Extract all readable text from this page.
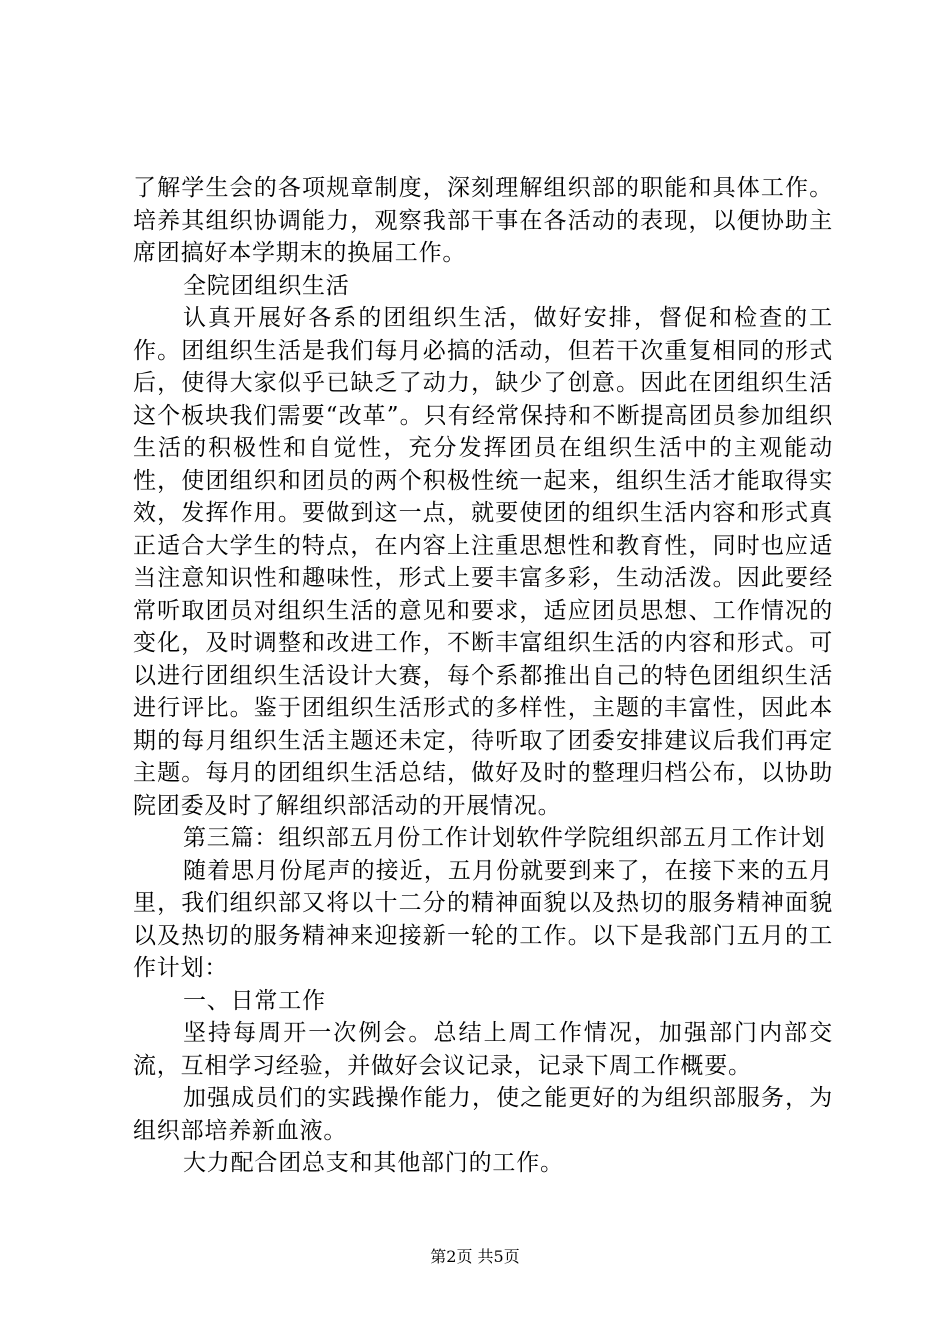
了解学生会的各项规章制度，深刻理解组织部的职能和具体工作。培养其组织协调能力，观察我部干事在各活动的表现，以便协助主席团搞好本学期末的换届工作。

全院团组织生活

认真开展好各系的团组织生活，做好安排，督促和检查的工作。团组织生活是我们每月必搞的活动，但若干次重复相同的形式后，使得大家似乎已缺乏了动力，缺少了创意。因此在团组织生活这个板块我们需要“改革”。只有经常保持和不断提高团员参加组织生活的积极性和自觉性，充分发挥团员在组织生活中的主观能动性，使团组织和团员的两个积极性统一起来，组织生活才能取得实效，发挥作用。要做到这一点，就要使团的组织生活内容和形式真正适合大学生的特点，在内容上注重思想性和教育性，同时也应适当注意知识性和趣味性，形式上要丰富多彩，生动活泼。因此要经常听取团员对组织生活的意见和要求，适应团员思想、工作情况的变化，及时调整和改进工作，不断丰富组织生活的内容和形式。可以进行团组织生活设计大赛，每个系都推出自己的特色团组织生活进行评比。鉴于团组织生活形式的多样性，主题的丰富性，因此本期的每月组织生活主题还未定，待听取了团委安排建议后我们再定主题。每月的团组织生活总结，做好及时的整理归档公布，以协助院团委及时了解组织部活动的开展情况。

第三篇：组织部五月份工作计划软件学院组织部五月工作计划

随着思月份尾声的接近，五月份就要到来了，在接下来的五月里，我们组织部又将以十二分的精神面貌以及热切的服务精神面貌以及热切的服务精神来迎接新一轮的工作。以下是我部门五月的工作计划：

一、日常工作

坚持每周开一次例会。总结上周工作情况，加强部门内部交流，互相学习经验，并做好会议记录，记录下周工作概要。

加强成员们的实践操作能力，使之能更好的为组织部服务，为组织部培养新血液。

大力配合团总支和其他部门的工作。

第2页 共5页
